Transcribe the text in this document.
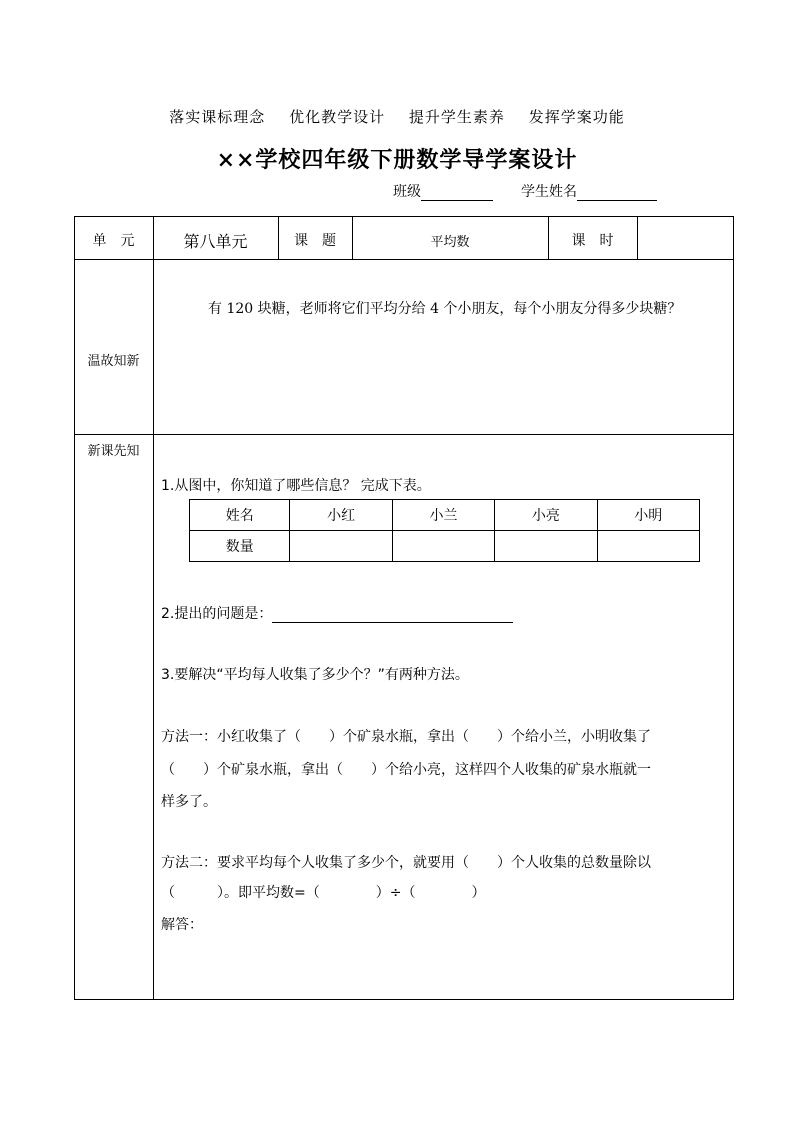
落实课标理念 优化教学设计 提升学生素养 发挥学案功能
××学校四年级下册数学导学案设计
班级	学生姓名
单　元	第八单元	课　题	平均数	课　时
温故知新
有 120 块糖，老师将它们平均分给 4 个小朋友，每个小朋友分得多少块糖？
新课先知
1.从图中，你知道了哪些信息？ 完成下表。
姓名	小红	小兰	小亮	小明
数量				
2.提出的问题是：
3.要解决“平均每人收集了多少个？”有两种方法。
方法一：小红收集了（　　）个矿泉水瓶，拿出（　　）个给小兰，小明收集了
（　　）个矿泉水瓶，拿出（　　）个给小亮，这样四个人收集的矿泉水瓶就一
样多了。
方法二：要求平均每个人收集了多少个，就要用（　　）个人收集的总数量除以
（　　　）。即平均数=（　　　　）÷（　　　　）
解答：
